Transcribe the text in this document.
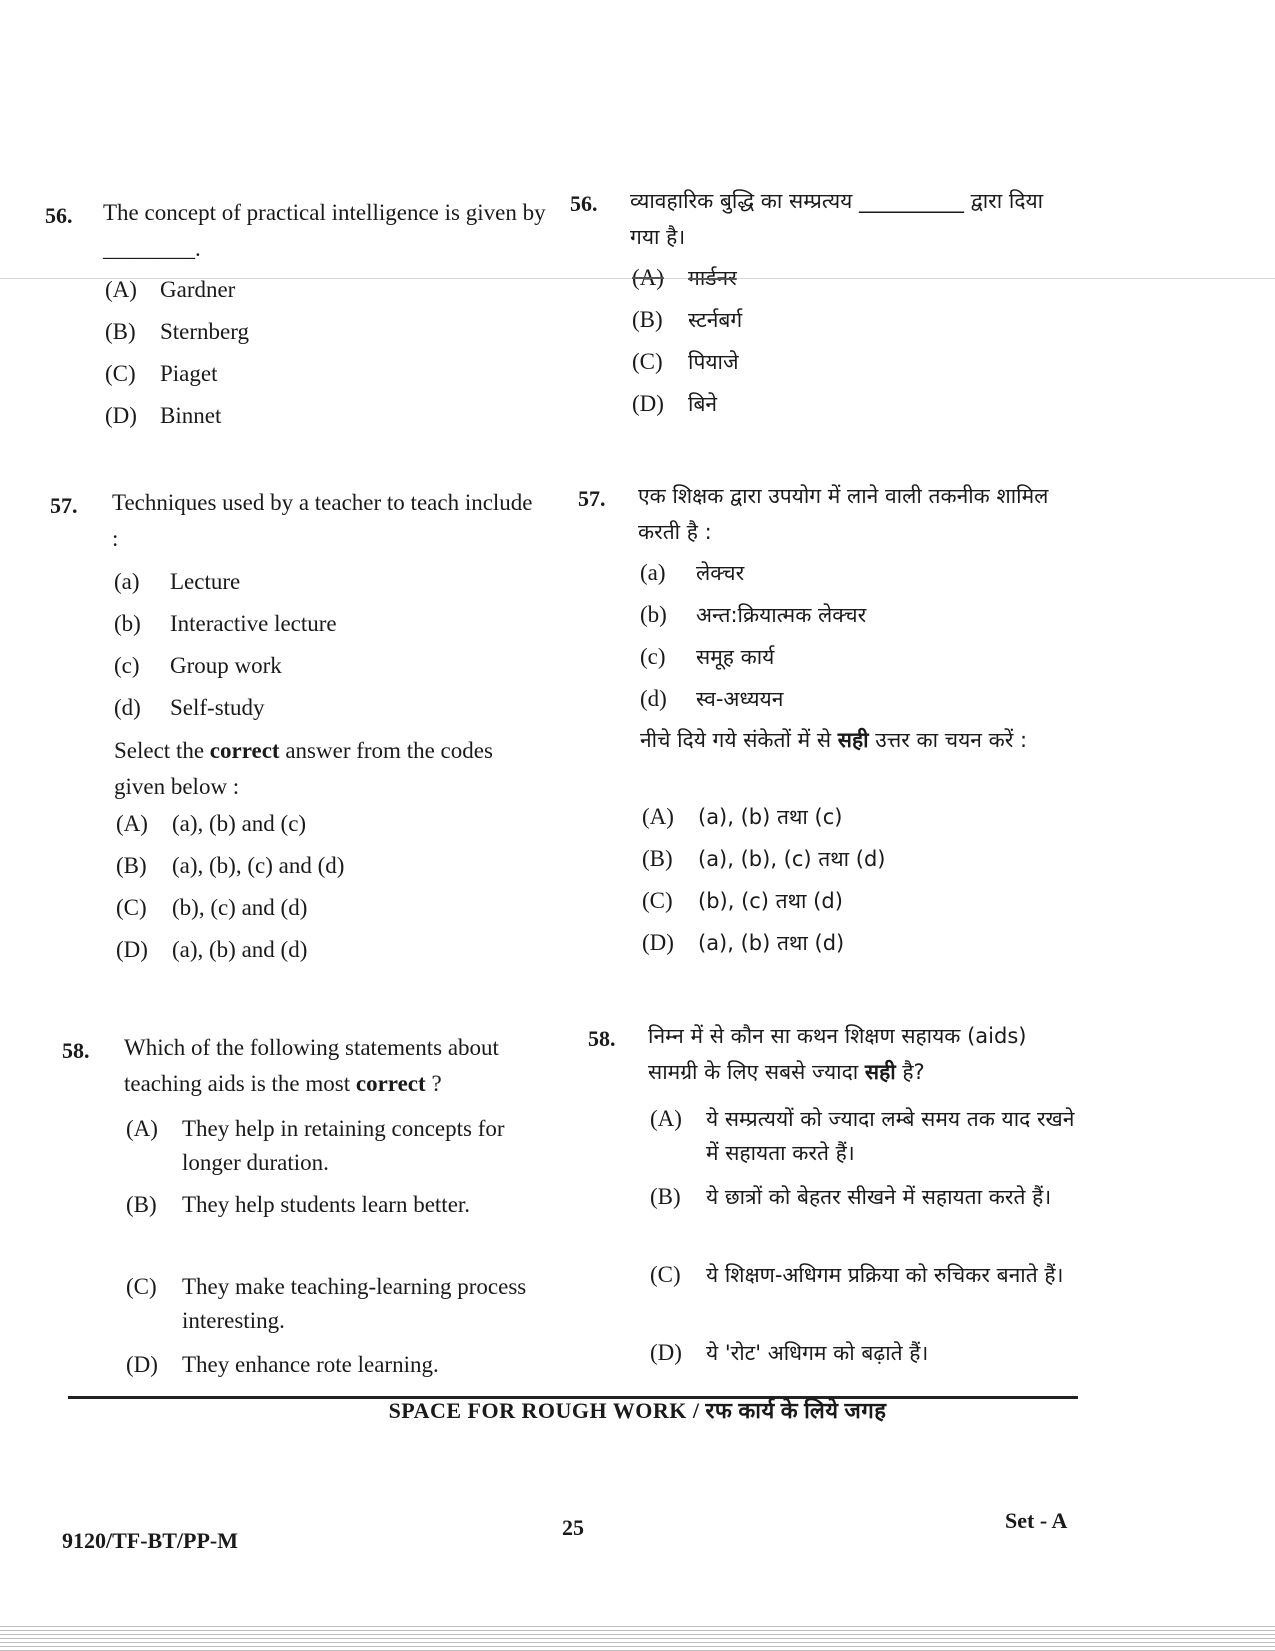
56. The concept of practical intelligence is given by ________.
(A) Gardner
(B) Sternberg
(C) Piaget
(D) Binnet
57. Techniques used by a teacher to teach include :
(a) Lecture
(b) Interactive lecture
(c) Group work
(d) Self-study
Select the correct answer from the codes given below :
(A) (a), (b) and (c)
(B) (a), (b), (c) and (d)
(C) (b), (c) and (d)
(D) (a), (b) and (d)
58. Which of the following statements about teaching aids is the most correct ?
(A) They help in retaining concepts for longer duration.
(B) They help students learn better.
(C) They make teaching-learning process interesting.
(D) They enhance rote learning.
56. व्यावहारिक बुद्धि का सम्प्रत्यय __________ द्वारा दिया गया है।
(A) गार्डनर
(B) स्टर्नबर्ग
(C) पियाजे
(D) बिने
57. एक शिक्षक द्वारा उपयोग में लाने वाली तकनीक शामिल करती है :
(a) लेक्चर
(b) अन्त:क्रियात्मक लेक्चर
(c) समूह कार्य
(d) स्व-अध्ययन
नीचे दिये गये संकेतों में से सही उत्तर का चयन करें :
(A) (a), (b) तथा (c)
(B) (a), (b), (c) तथा (d)
(C) (b), (c) तथा (d)
(D) (a), (b) तथा (d)
58. निम्न में से कौन सा कथन शिक्षण सहायक (aids) सामग्री के लिए सबसे ज्यादा सही है?
(A) ये सम्प्रत्ययों को ज्यादा लम्बे समय तक याद रखने में सहायता करते हैं।
(B) ये छात्रों को बेहतर सीखने में सहायता करते हैं।
(C) ये शिक्षण-अधिगम प्रक्रिया को रुचिकर बनाते हैं।
(D) ये 'रोट' अधिगम को बढ़ाते हैं।
SPACE FOR ROUGH WORK / रफ कार्य के लिये जगह
9120/TF-BT/PP-M
25	Set - A
